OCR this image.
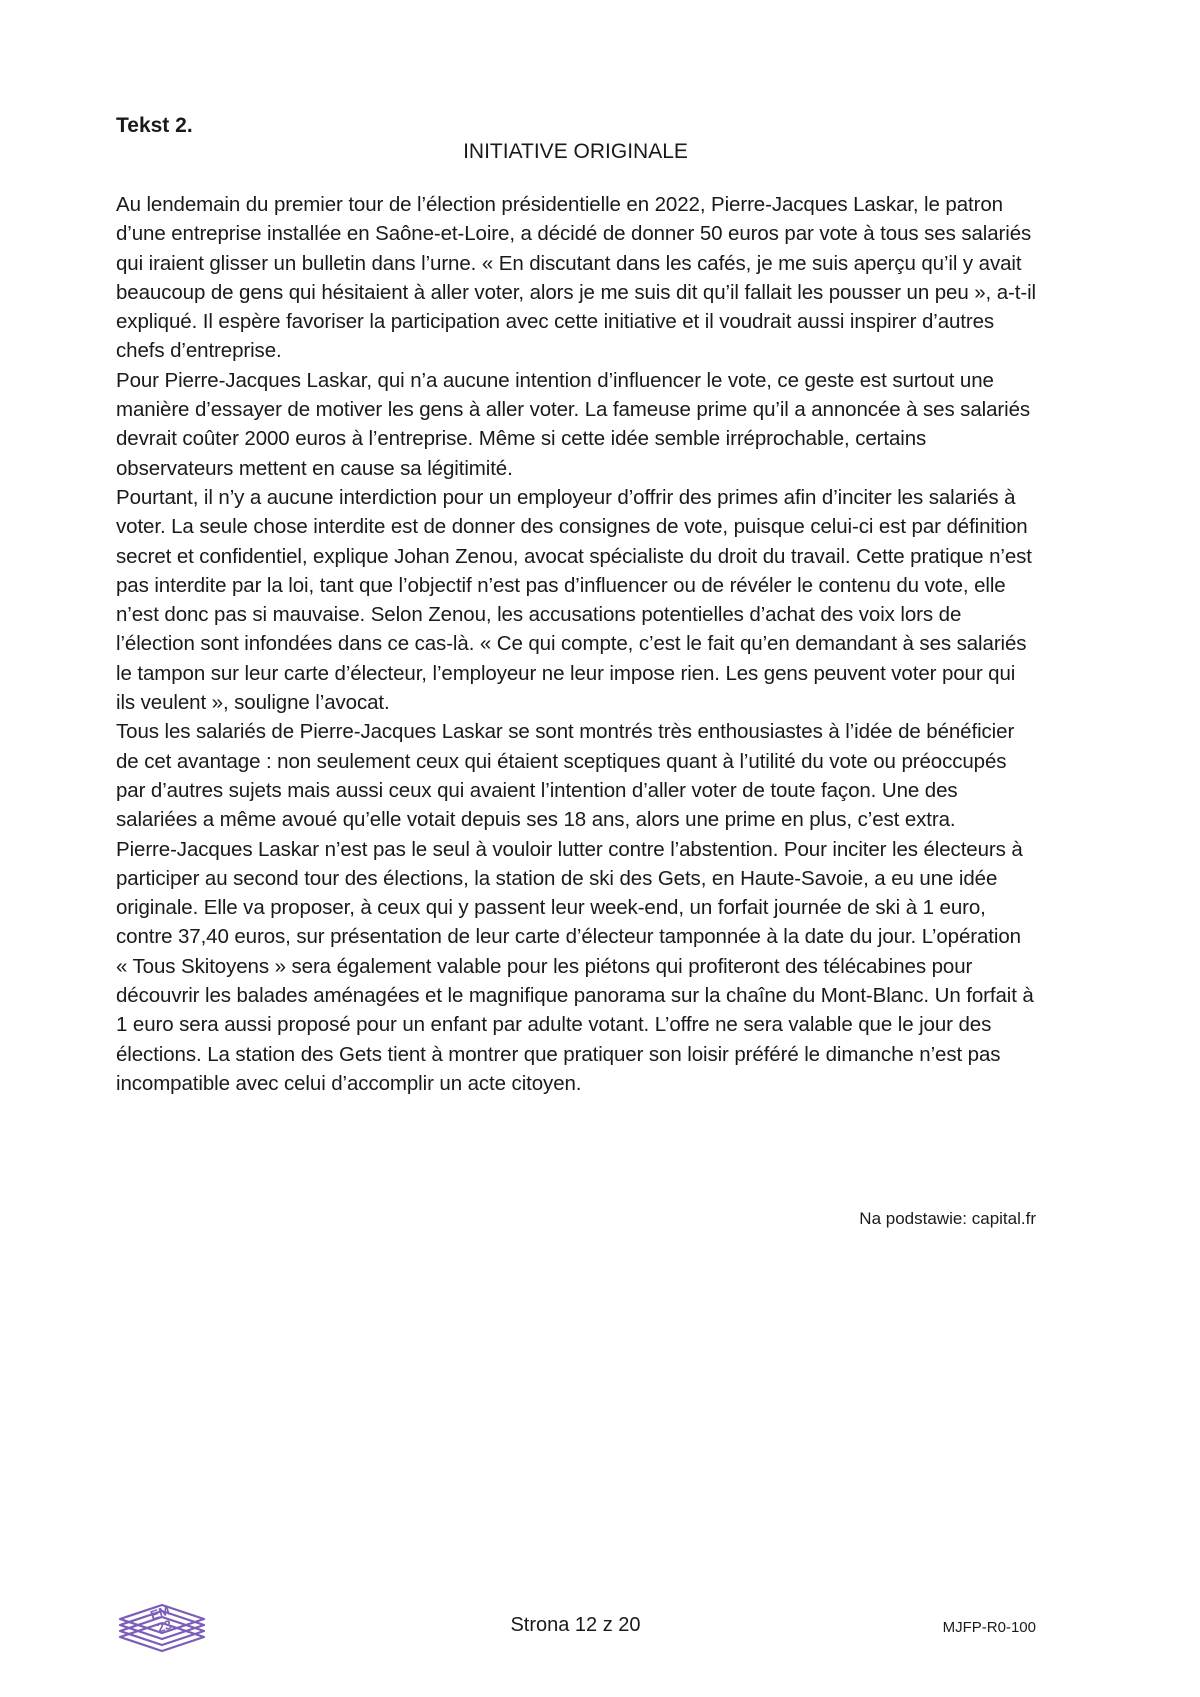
Tekst 2.

INITIATIVE ORIGINALE

Au lendemain du premier tour de l’élection présidentielle en 2022, Pierre-Jacques Laskar, le patron d’une entreprise installée en Saône-et-Loire, a décidé de donner 50 euros par vote à tous ses salariés qui iraient glisser un bulletin dans l’urne. « En discutant dans les cafés, je me suis aperçu qu’il y avait beaucoup de gens qui hésitaient à aller voter, alors je me suis dit qu’il fallait les pousser un peu », a-t-il expliqué. Il espère favoriser la participation avec cette initiative et il voudrait aussi inspirer d’autres chefs d’entreprise.

Pour Pierre-Jacques Laskar, qui n’a aucune intention d’influencer le vote, ce geste est surtout une manière d’essayer de motiver les gens à aller voter. La fameuse prime qu’il a annoncée à ses salariés devrait coûter 2000 euros à l’entreprise. Même si cette idée semble irréprochable, certains observateurs mettent en cause sa légitimité.

Pourtant, il n’y a aucune interdiction pour un employeur d’offrir des primes afin d’inciter les salariés à voter. La seule chose interdite est de donner des consignes de vote, puisque celui-ci est par définition secret et confidentiel, explique Johan Zenou, avocat spécialiste du droit du travail. Cette pratique n’est pas interdite par la loi, tant que l’objectif n’est pas d’influencer ou de révéler le contenu du vote, elle n’est donc pas si mauvaise. Selon Zenou, les accusations potentielles d’achat des voix lors de l’élection sont infondées dans ce cas-là. « Ce qui compte, c’est le fait qu’en demandant à ses salariés le tampon sur leur carte d’électeur, l’employeur ne leur impose rien. Les gens peuvent voter pour qui ils veulent », souligne l’avocat.

Tous les salariés de Pierre-Jacques Laskar se sont montrés très enthousiastes à l’idée de bénéficier de cet avantage : non seulement ceux qui étaient sceptiques quant à l’utilité du vote ou préoccupés par d’autres sujets mais aussi ceux qui avaient l’intention d’aller voter de toute façon. Une des salariées a même avoué qu’elle votait depuis ses 18 ans, alors une prime en plus, c’est extra.

Pierre-Jacques Laskar n’est pas le seul à vouloir lutter contre l’abstention. Pour inciter les électeurs à participer au second tour des élections, la station de ski des Gets, en Haute-Savoie, a eu une idée originale. Elle va proposer, à ceux qui y passent leur week-end, un forfait journée de ski à 1 euro, contre 37,40 euros, sur présentation de leur carte d’électeur tamponnée à la date du jour. L’opération « Tous Skitoyens » sera également valable pour les piétons qui profiteront des télécabines pour découvrir les balades aménagées et le magnifique panorama sur la chaîne du Mont-Blanc. Un forfait à 1 euro sera aussi proposé pour un enfant par adulte votant. L’offre ne sera valable que le jour des élections. La station des Gets tient à montrer que pratiquer son loisir préféré le dimanche n’est pas incompatible avec celui d’accomplir un acte citoyen.

Na podstawie: capital.fr

EM
23	Strona 12 z 20	MJFP-R0-100
